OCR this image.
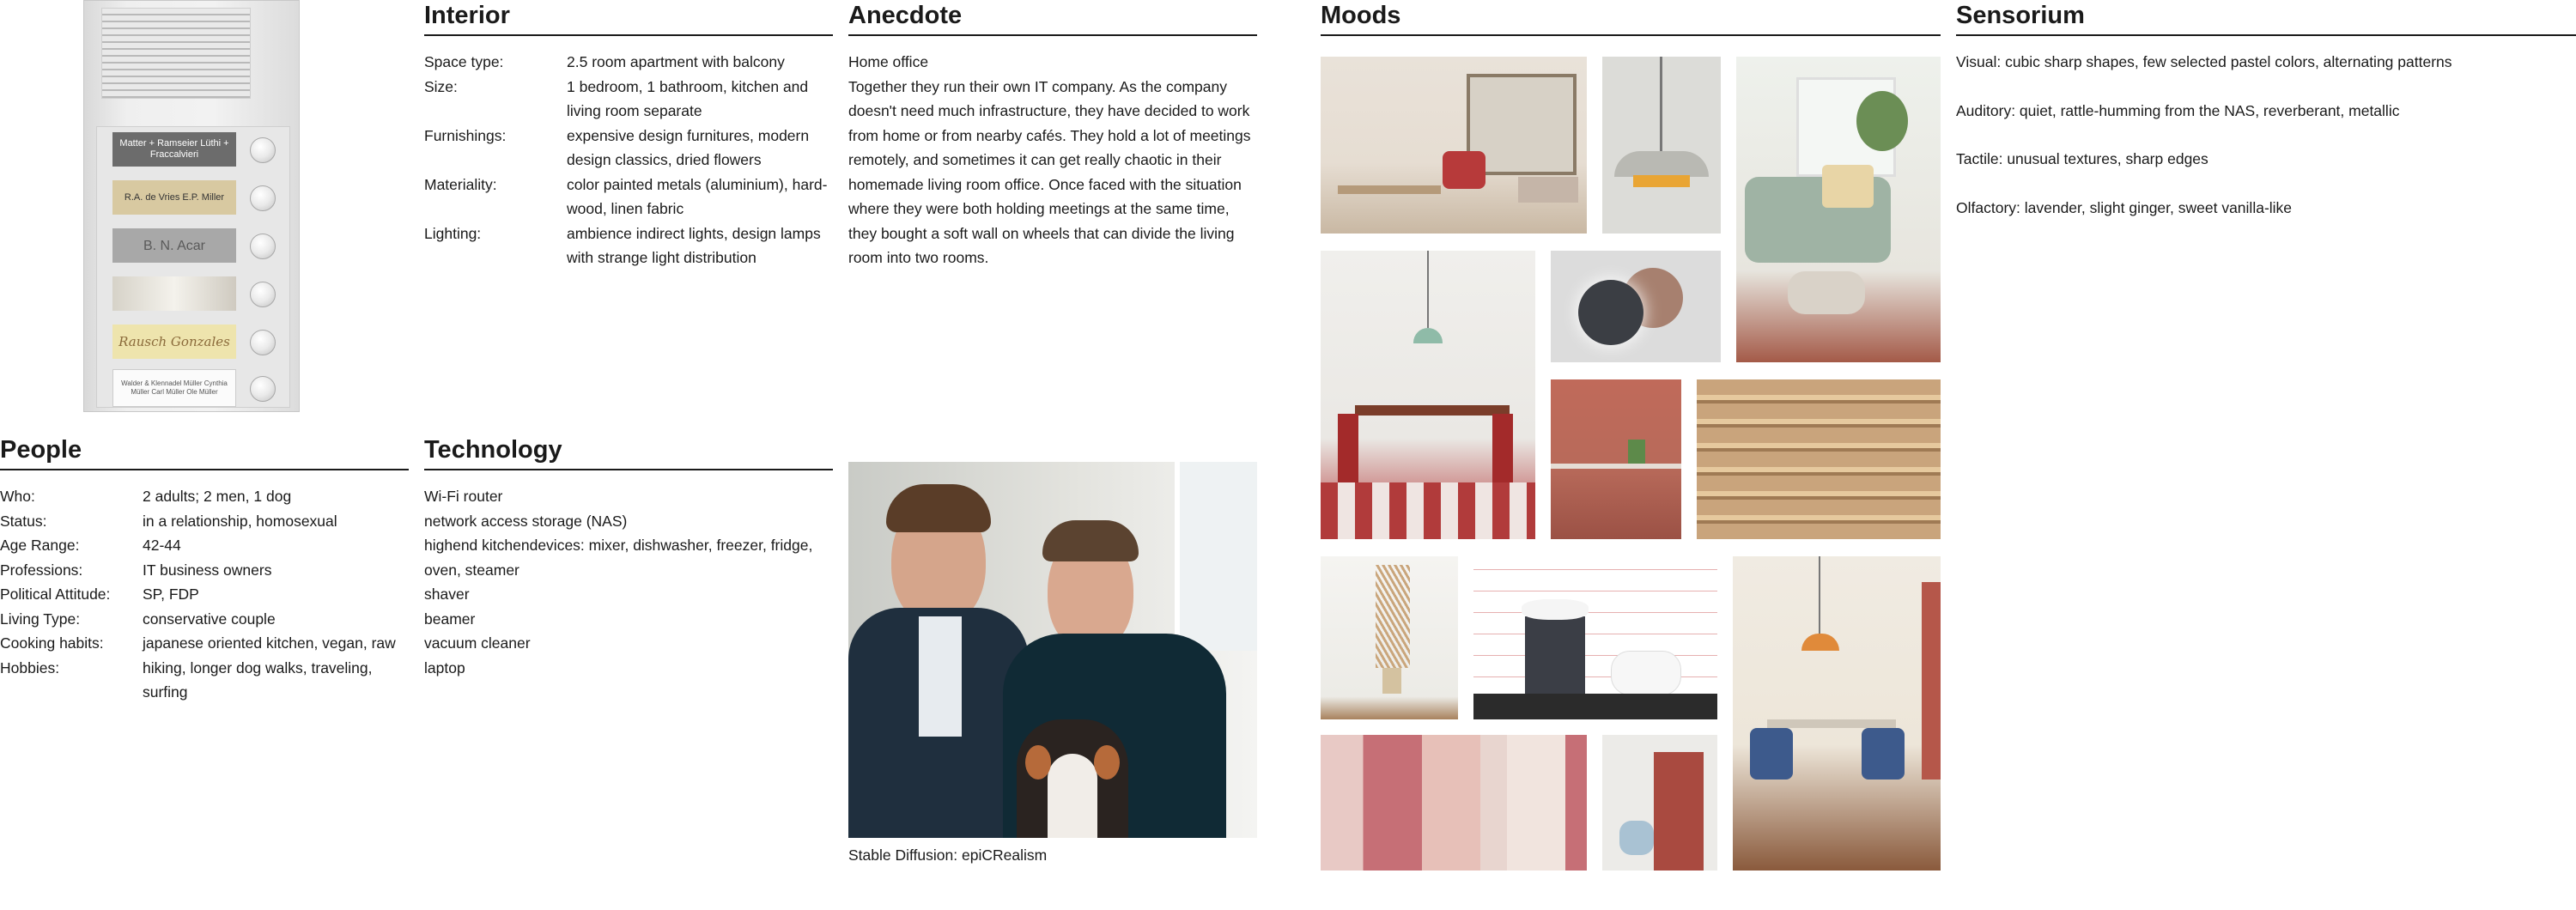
Matter + Ramseier Lüthi + Fraccalvieri
R.A. de Vries E.P. Miller
B. N. Acar
Rausch Gonzales
Walder & Klennadel Müller Cynthia Müller Carl Müller Ole Müller
Interior
Space type:	2.5 room apartment with balcony
Size:	1 bedroom, 1 bathroom, kitchen and living room separate
Furnishings:	expensive design furnitures, modern design classics, dried flowers
Materiality:	color painted metals (aluminium), hard-wood, linen fabric
Lighting:	ambience indirect lights, design lamps with strange light distribution
Anecdote
Home office
Together they run their own IT company. As the company doesn't need much infrastructure, they have decided to work from home or from nearby cafés. They hold a lot of meetings remotely, and sometimes it can get really chaotic in their homemade living room office. Once faced with the situation where they were both holding meetings at the same time, they bought a soft wall on wheels that can divide the living room into two rooms.
Moods	Sensorium
Visual: cubic sharp shapes, few selected pastel colors, alternating patterns
Auditory: quiet, rattle-humming from the NAS, reverberant, metallic
Tactile: unusual textures, sharp edges
Olfactory: lavender, slight ginger, sweet vanilla-like
People
Who:	2 adults; 2 men, 1 dog
Status:	in a relationship, homosexual
Age Range:	42-44
Professions:	IT business owners
Political Attitude:	SP, FDP
Living Type:	conservative couple
Cooking habits:	japanese oriented kitchen, vegan, raw
Hobbies:	hiking, longer dog walks, traveling, surfing
Technology
Wi-Fi router
network access storage (NAS)
highend kitchendevices: mixer, dishwasher, freezer, fridge, oven, steamer
shaver
beamer
vacuum cleaner
laptop
Stable Diffusion: epiCRealism
